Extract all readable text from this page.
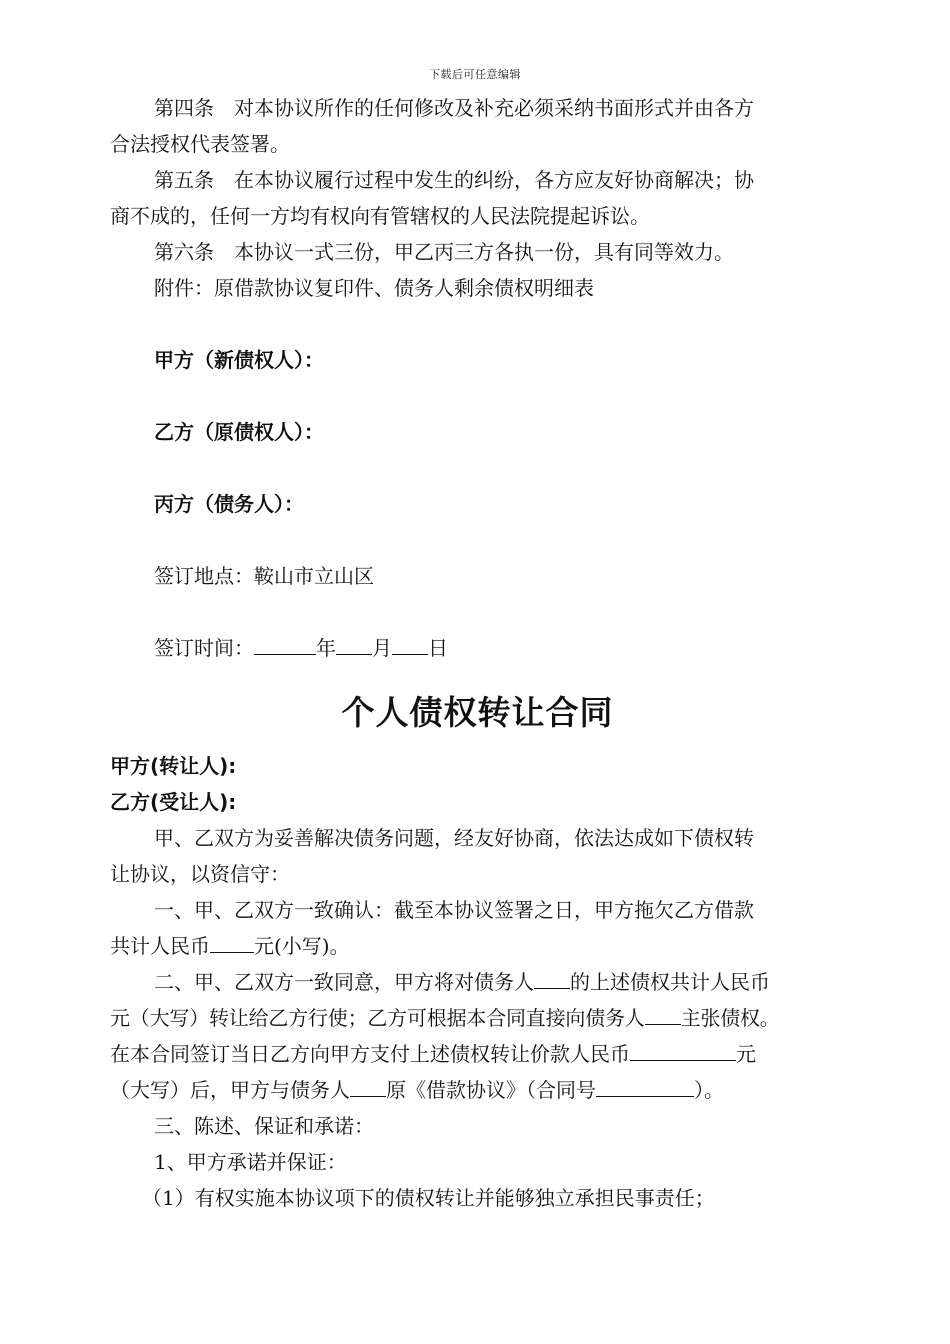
下载后可任意编辑

第四条　对本协议所作的任何修改及补充必须采纳书面形式并由各方

合法授权代表签署。

第五条　在本协议履行过程中发生的纠纷，各方应友好协商解决；协

商不成的，任何一方均有权向有管辖权的人民法院提起诉讼。

第六条　本协议一式三份，甲乙丙三方各执一份，具有同等效力。

附件：原借款协议复印件、债务人剩余债权明细表

甲方（新债权人）：
乙方（原债权人）：
丙方（债务人）：

签订地点：鞍山市立山区

签订时间：	年 月 日

个人债权转让合同
甲方(转让人):
乙方(受让人):

甲、乙双方为妥善解决债务问题，经友好协商，依法达成如下债权转

让协议，以资信守：

一、甲、乙双方一致确认：截至本协议签署之日，甲方拖欠乙方借款

共计人民币 元(小写)。

二、甲、乙双方一致同意，甲方将对债务人 的上述债权共计人民币

元（大写）转让给乙方行使；乙方可根据本合同直接向债务人 主张债权。

在本合同签订当日乙方向甲方支付上述债权转让价款人民币	元

（大写）后，甲方与债务人 原《借款协议》（合同号	）。

三、陈述、保证和承诺：

1、甲方承诺并保证：

（1）有权实施本协议项下的债权转让并能够独立承担民事责任；
